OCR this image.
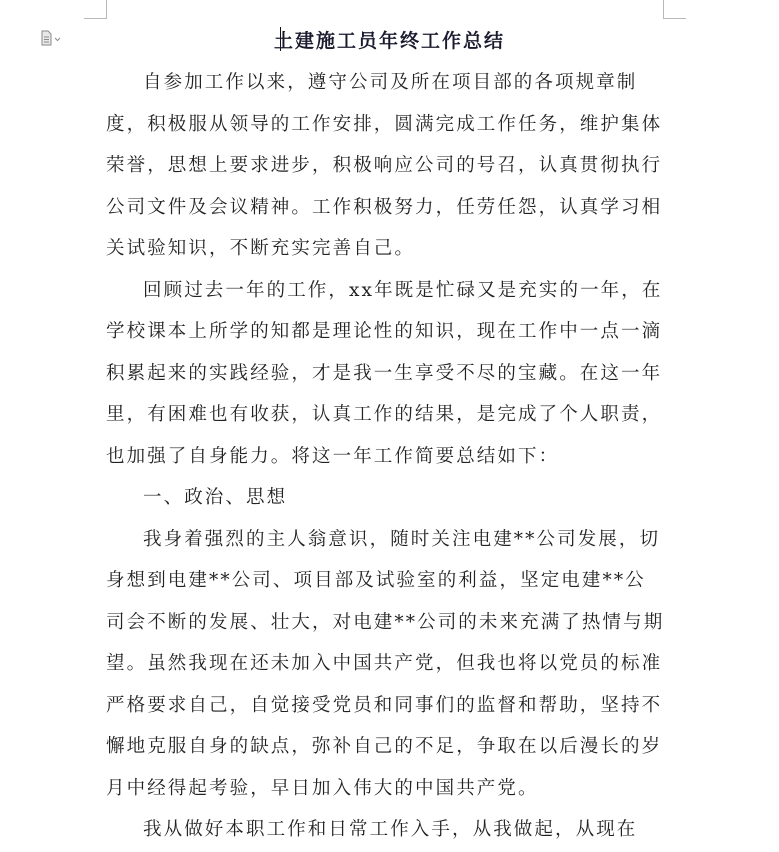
土建施工员年终工作总结

自参加工作以来，遵守公司及所在项目部的各项规章制度，积极服从领导的工作安排，圆满完成工作任务，维护集体荣誉，思想上要求进步，积极响应公司的号召，认真贯彻执行公司文件及会议精神。工作积极努力，任劳任怨，认真学习相关试验知识，不断充实完善自己。

回顾过去一年的工作，xx年既是忙碌又是充实的一年，在学校课本上所学的知都是理论性的知识，现在工作中一点一滴积累起来的实践经验，才是我一生享受不尽的宝藏。在这一年里，有困难也有收获，认真工作的结果，是完成了个人职责，也加强了自身能力。将这一年工作简要总结如下：

一、政治、思想

我身着强烈的主人翁意识，随时关注电建**公司发展，切身想到电建**公司、项目部及试验室的利益，坚定电建**公司会不断的发展、壮大，对电建**公司的未来充满了热情与期望。虽然我现在还未加入中国共产党，但我也将以党员的标准严格要求自己，自觉接受党员和同事们的监督和帮助，坚持不懈地克服自身的缺点，弥补自己的不足，争取在以后漫长的岁月中经得起考验，早日加入伟大的中国共产党。

我从做好本职工作和日常工作入手，从我做起，从现在
